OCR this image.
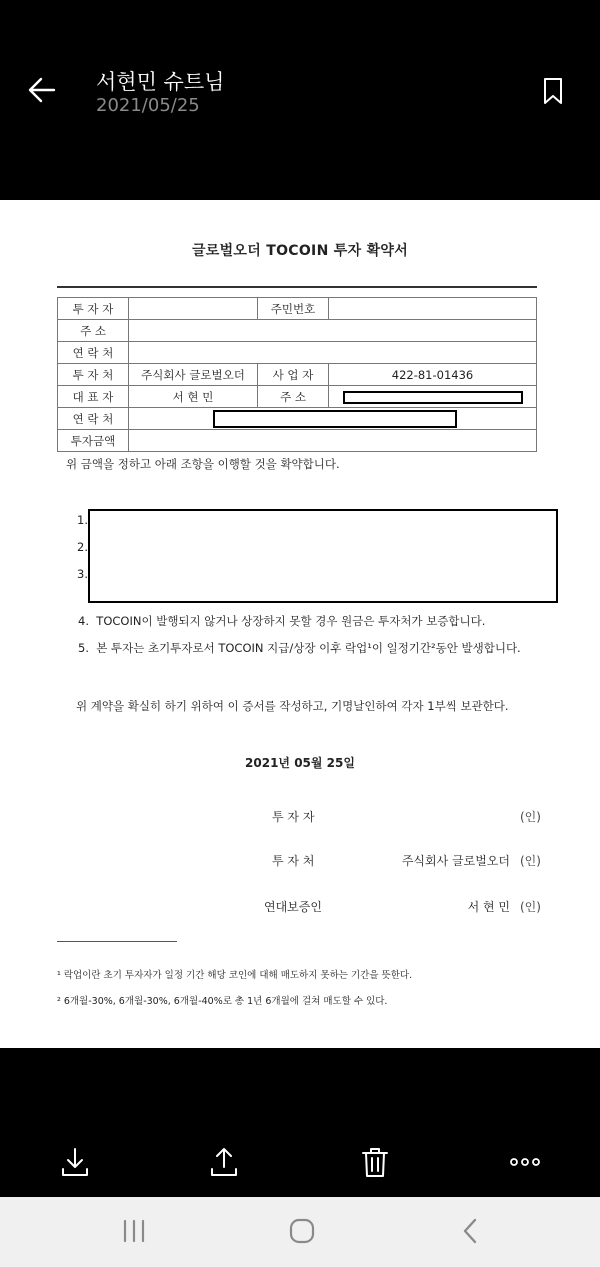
서현민 슈트님
2021/05/25
글로벌오더 TOCOIN 투자 확약서
투 자 자		주민번호	
주 소			
연 락 처			
투 자 처	주식회사 글로벌오더	사 업 자	422-81-01436
대 표 자	서 현 민	주 소	
연 락 처			
투자금액			
위 금액을 정하고 아래 조항을 이행할 것을 확약합니다.
1.
2.
3.
4. TOCOIN이 발행되지 않거나 상장하지 못할 경우 원금은 투자처가 보증합니다.
5. 본 투자는 초기투자로서 TOCOIN 지급/상장 이후 락업¹이 일정기간²동안 발생합니다.
위 계약을 확실히 하기 위하여 이 증서를 작성하고, 기명날인하여 각자 1부씩 보관한다.
2021년 05월 25일
투 자 자	(인)
투 자 처	주식회사 글로벌오더 (인)
연대보증인	서 현 민 (인)
¹ 락업이란 초기 투자자가 일정 기간 해당 코인에 대해 매도하지 못하는 기간을 뜻한다.
² 6개월-30%, 6개월-30%, 6개월-40%로 총 1년 6개월에 걸쳐 매도할 수 있다.
